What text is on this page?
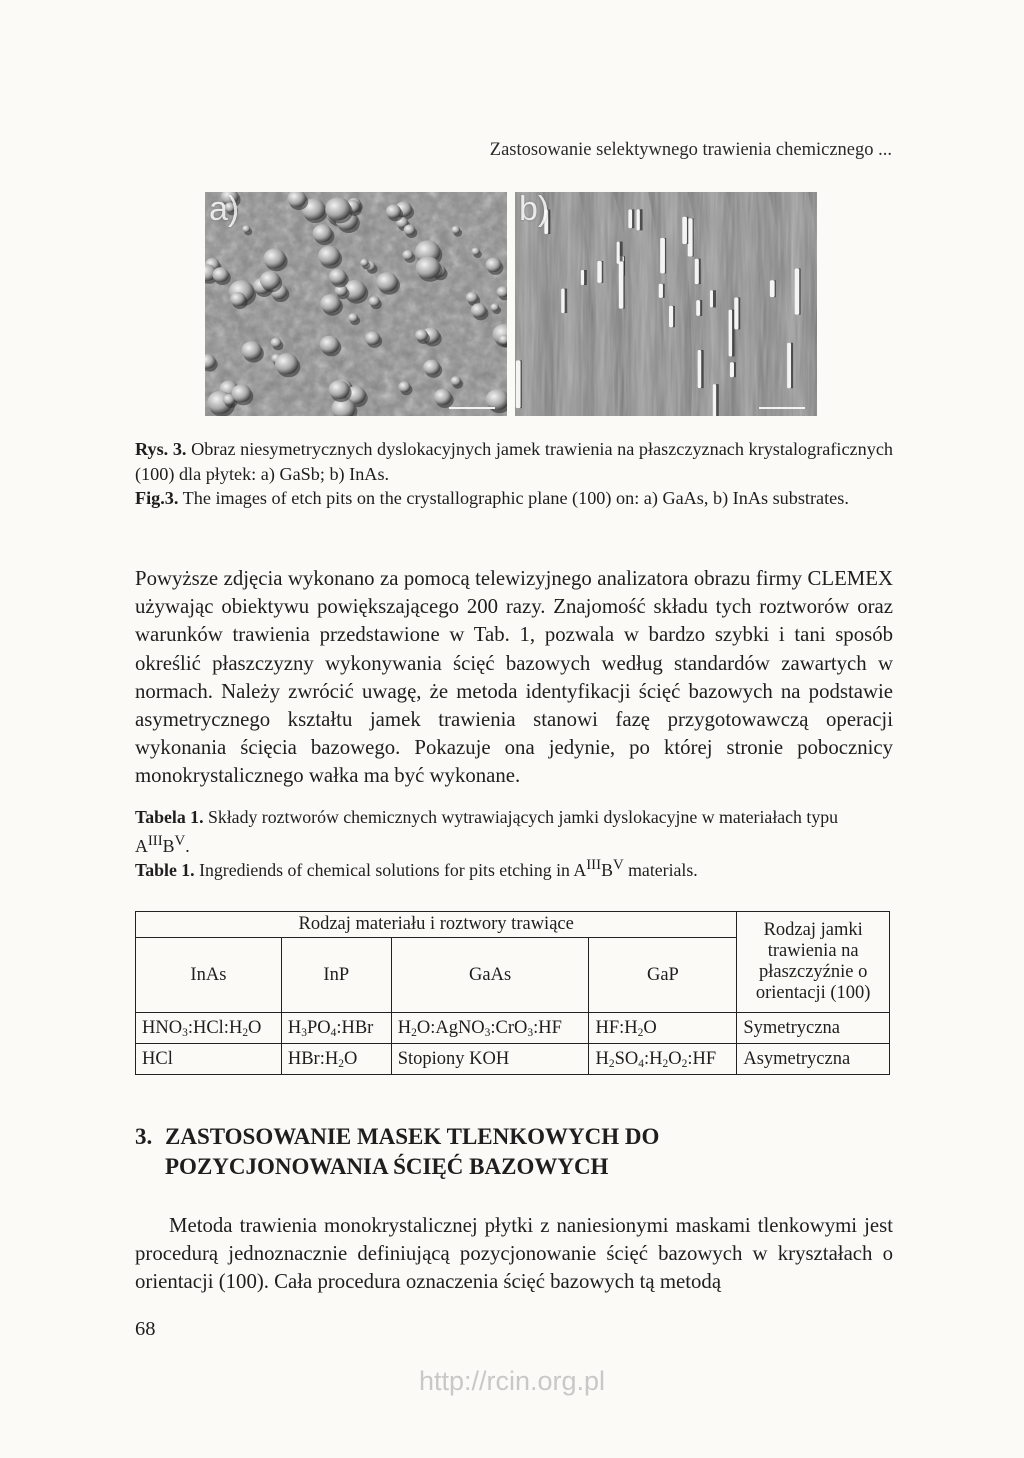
Zastosowanie selektywnego trawienia chemicznego ...
a)	b)
Rys. 3. Obraz niesymetrycznych dyslokacyjnych jamek trawienia na płaszczyznach krystalograficznych (100) dla płytek: a) GaSb; b) InAs.
Fig.3. The images of etch pits on the crystallographic plane (100) on: a) GaAs, b) InAs substrates.
Powyższe zdjęcia wykonano za pomocą telewizyjnego analizatora obrazu firmy CLEMEX używając obiektywu powiększającego 200 razy. Znajomość składu tych roztworów oraz warunków trawienia przedstawione w Tab. 1, pozwala w bardzo szybki i tani sposób określić płaszczyzny wykonywania ścięć bazowych według standardów zawartych w normach. Należy zwrócić uwagę, że metoda identyfikacji ścięć bazowych na podstawie asymetrycznego kształtu jamek trawienia stanowi fazę przygotowawczą operacji wykonania ścięcia bazowego. Pokazuje ona jedynie, po której stronie pobocznicy monokrystalicznego wałka ma być wykonane.
Tabela 1. Składy roztworów chemicznych wytrawiających jamki dyslokacyjne w materiałach typu $A^{III}B^V$.
Table 1. Ingrediends of chemical solutions for pits etching in $A^{III}B^V$ materials.
Rodzaj materiału i roztwory trawiące				Rodzaj jamki trawienia na płaszczyźnie o orientacji (100)
InAs	InP	GaAs	GaP	
$HNO_3:HCl:H_2O$	$H_3PO_4:HBr$	$H_2O:AgNO_3:CrO_3:HF$	$HF:H_2O$	Symetryczna
HCl	$HBr:H_2O$	Stopiony KOH	$H_2SO_4:H_2O_2:HF$	Asymetryczna
3. ZASTOSOWANIE MASEK TLENKOWYCH DO POZYCJONOWANIA ŚCIĘĆ BAZOWYCH
Metoda trawienia monokrystalicznej płytki z naniesionymi maskami tlenkowymi jest procedurą jednoznacznie definiującą pozycjonowanie ścięć bazowych w kryształach o orientacji (100). Cała procedura oznaczenia ścięć bazowych tą metodą
68
http://rcin.org.pl
